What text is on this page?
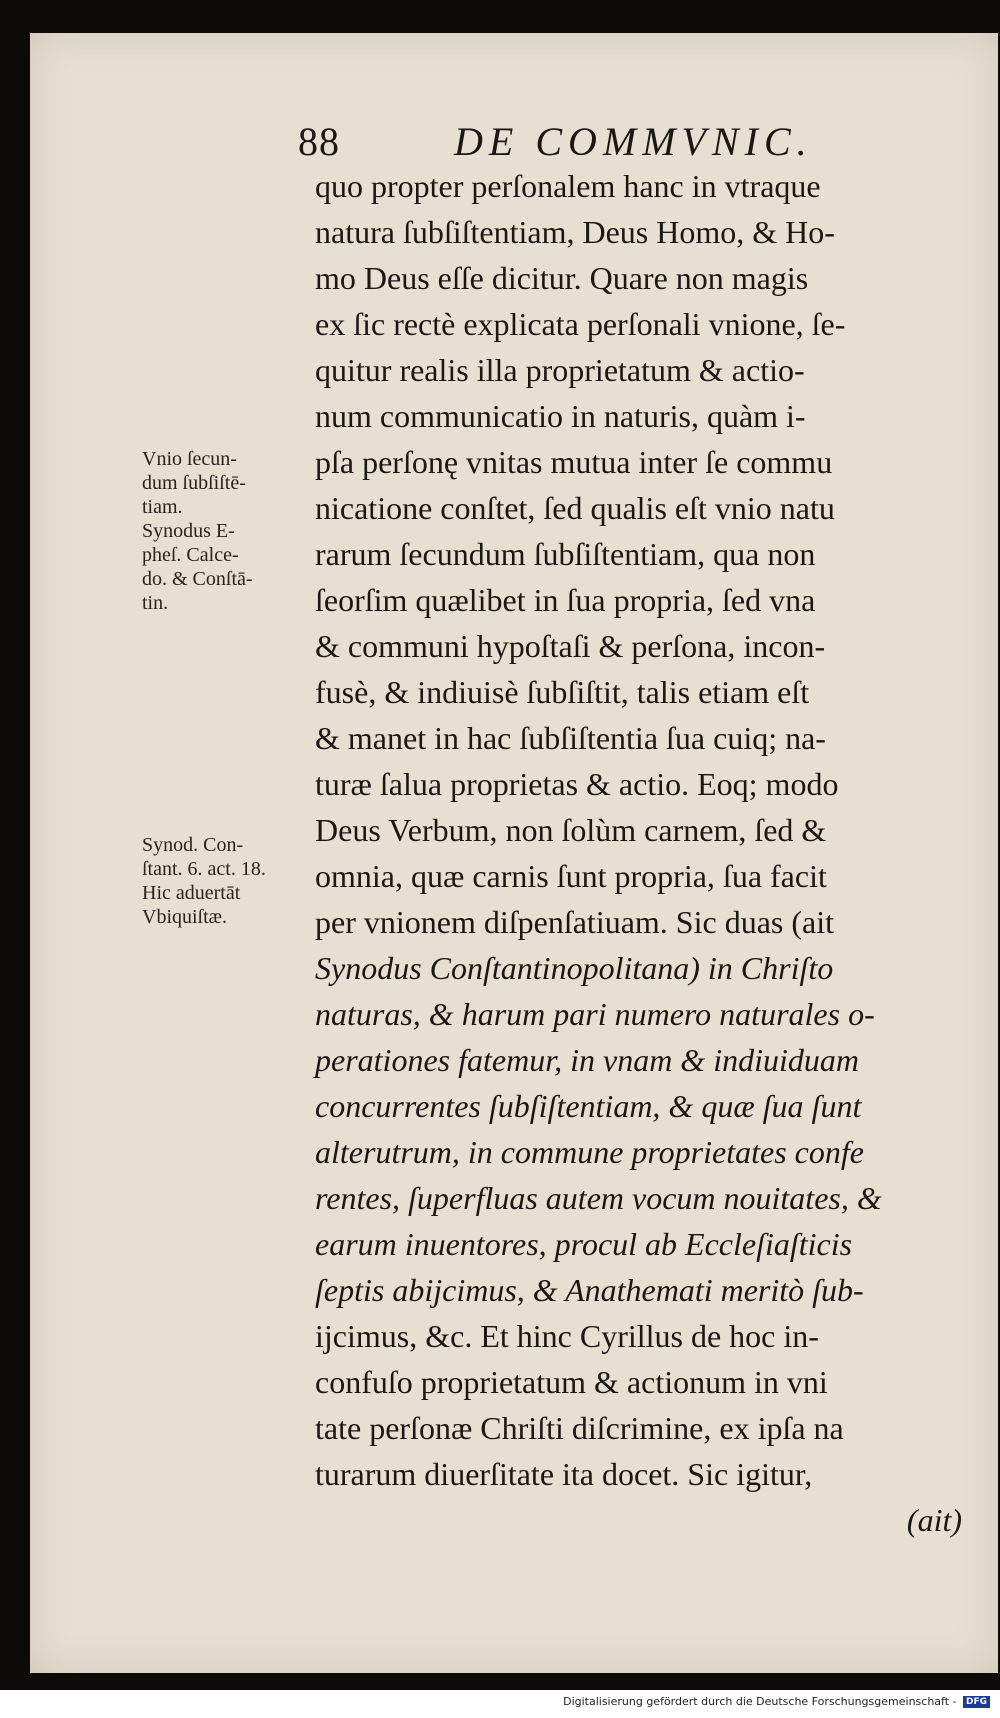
88	DE COMMVNIC.
quo propter perſonalem hanc in vtraque
natura ſubſiſtentiam, Deus Homo, & Ho-
mo Deus eſſe dicitur. Quare non magis
ex ſic rectè explicata perſonali vnione, ſe-
quitur realis illa proprietatum & actio-
num communicatio in naturis, quàm i-
pſa perſonę vnitas mutua inter ſe commu
nicatione conſtet, ſed qualis eſt vnio natu
rarum ſecundum ſubſiſtentiam, qua non
ſeorſim quælibet in ſua propria, ſed vna
& communi hypoſtaſi & perſona, incon-
fusè, & indiuisè ſubſiſtit, talis etiam eſt
& manet in hac ſubſiſtentia ſua cuiq; na-
turæ ſalua proprietas & actio. Eoq; modo
Deus Verbum, non ſolùm carnem, ſed &
omnia, quæ carnis ſunt propria, ſua facit
per vnionem diſpenſatiuam. Sic duas (ait
Synodus Conſtantinopolitana) in Chriſto
naturas, & harum pari numero naturales o-
perationes fatemur, in vnam & indiuiduam
concurrentes ſubſiſtentiam, & quæ ſua ſunt
alterutrum, in commune proprietates confe
rentes, ſuperfluas autem vocum nouitates, &
earum inuentores, procul ab Eccleſiaſticis
ſeptis abijcimus, & Anathemati meritò ſub-
ijcimus, &c. Et hinc Cyrillus de hoc in-
confuſo proprietatum & actionum in vni
tate perſonæ Chriſti diſcrimine, ex ipſa na
turarum diuerſitate ita docet. Sic igitur,
(ait)
Vnio ſecun-
dum ſubſiſtē-
tiam.
Synodus E-
pheſ. Calce-
do. & Conſtā-
tin.
Synod. Con-
ſtant. 6. act. 18.
Hic aduertāt
Vbiquiſtæ.
Digitalisierung gefördert durch die Deutsche Forschungsgemeinschaft - DFG
